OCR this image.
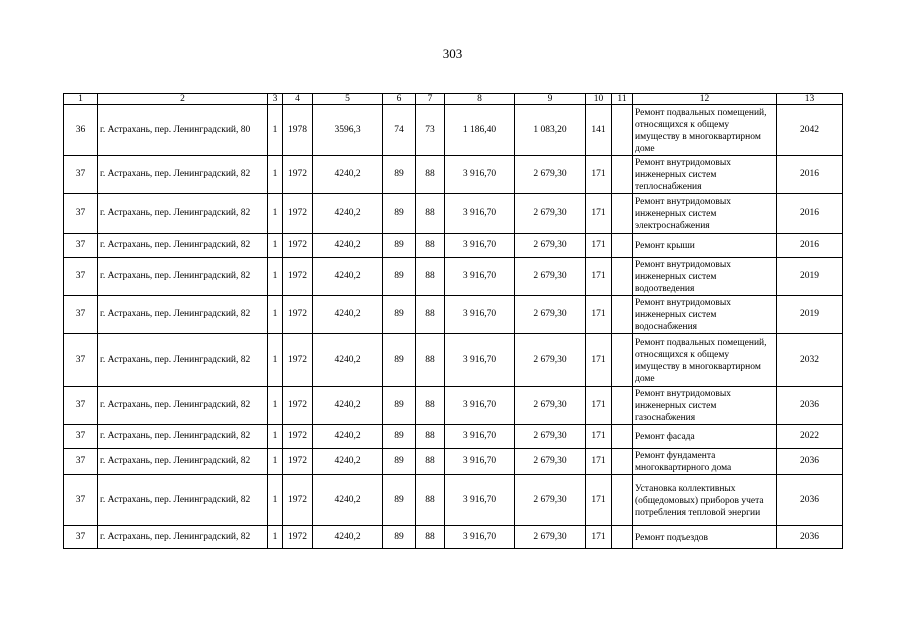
303
1	2	3	4	5	6	7	8	9	10	11	12	13
36	г. Астрахань, пер. Ленинградский, 80	1	1978	3596,3	74	73	1 186,40	1 083,20	141		Ремонт подвальных помещений, относящихся к общему имуществу в многоквартирном доме	2042
37	г. Астрахань, пер. Ленинградский, 82	1	1972	4240,2	89	88	3 916,70	2 679,30	171		Ремонт внутридомовых инженерных систем теплоснабжения	2016
37	г. Астрахань, пер. Ленинградский, 82	1	1972	4240,2	89	88	3 916,70	2 679,30	171		Ремонт внутридомовых инженерных систем электроснабжения	2016
37	г. Астрахань, пер. Ленинградский, 82	1	1972	4240,2	89	88	3 916,70	2 679,30	171		Ремонт крыши	2016
37	г. Астрахань, пер. Ленинградский, 82	1	1972	4240,2	89	88	3 916,70	2 679,30	171		Ремонт внутридомовых инженерных систем водоотведения	2019
37	г. Астрахань, пер. Ленинградский, 82	1	1972	4240,2	89	88	3 916,70	2 679,30	171		Ремонт внутридомовых инженерных систем водоснабжения	2019
37	г. Астрахань, пер. Ленинградский, 82	1	1972	4240,2	89	88	3 916,70	2 679,30	171		Ремонт подвальных помещений, относящихся к общему имуществу в многоквартирном доме	2032
37	г. Астрахань, пер. Ленинградский, 82	1	1972	4240,2	89	88	3 916,70	2 679,30	171		Ремонт внутридомовых инженерных систем газоснабжения	2036
37	г. Астрахань, пер. Ленинградский, 82	1	1972	4240,2	89	88	3 916,70	2 679,30	171		Ремонт фасада	2022
37	г. Астрахань, пер. Ленинградский, 82	1	1972	4240,2	89	88	3 916,70	2 679,30	171		Ремонт фундамента многоквартирного дома	2036
37	г. Астрахань, пер. Ленинградский, 82	1	1972	4240,2	89	88	3 916,70	2 679,30	171		Установка коллективных (общедомовых) приборов учета потребления тепловой энергии	2036
37	г. Астрахань, пер. Ленинградский, 82	1	1972	4240,2	89	88	3 916,70	2 679,30	171		Ремонт подъездов	2036
